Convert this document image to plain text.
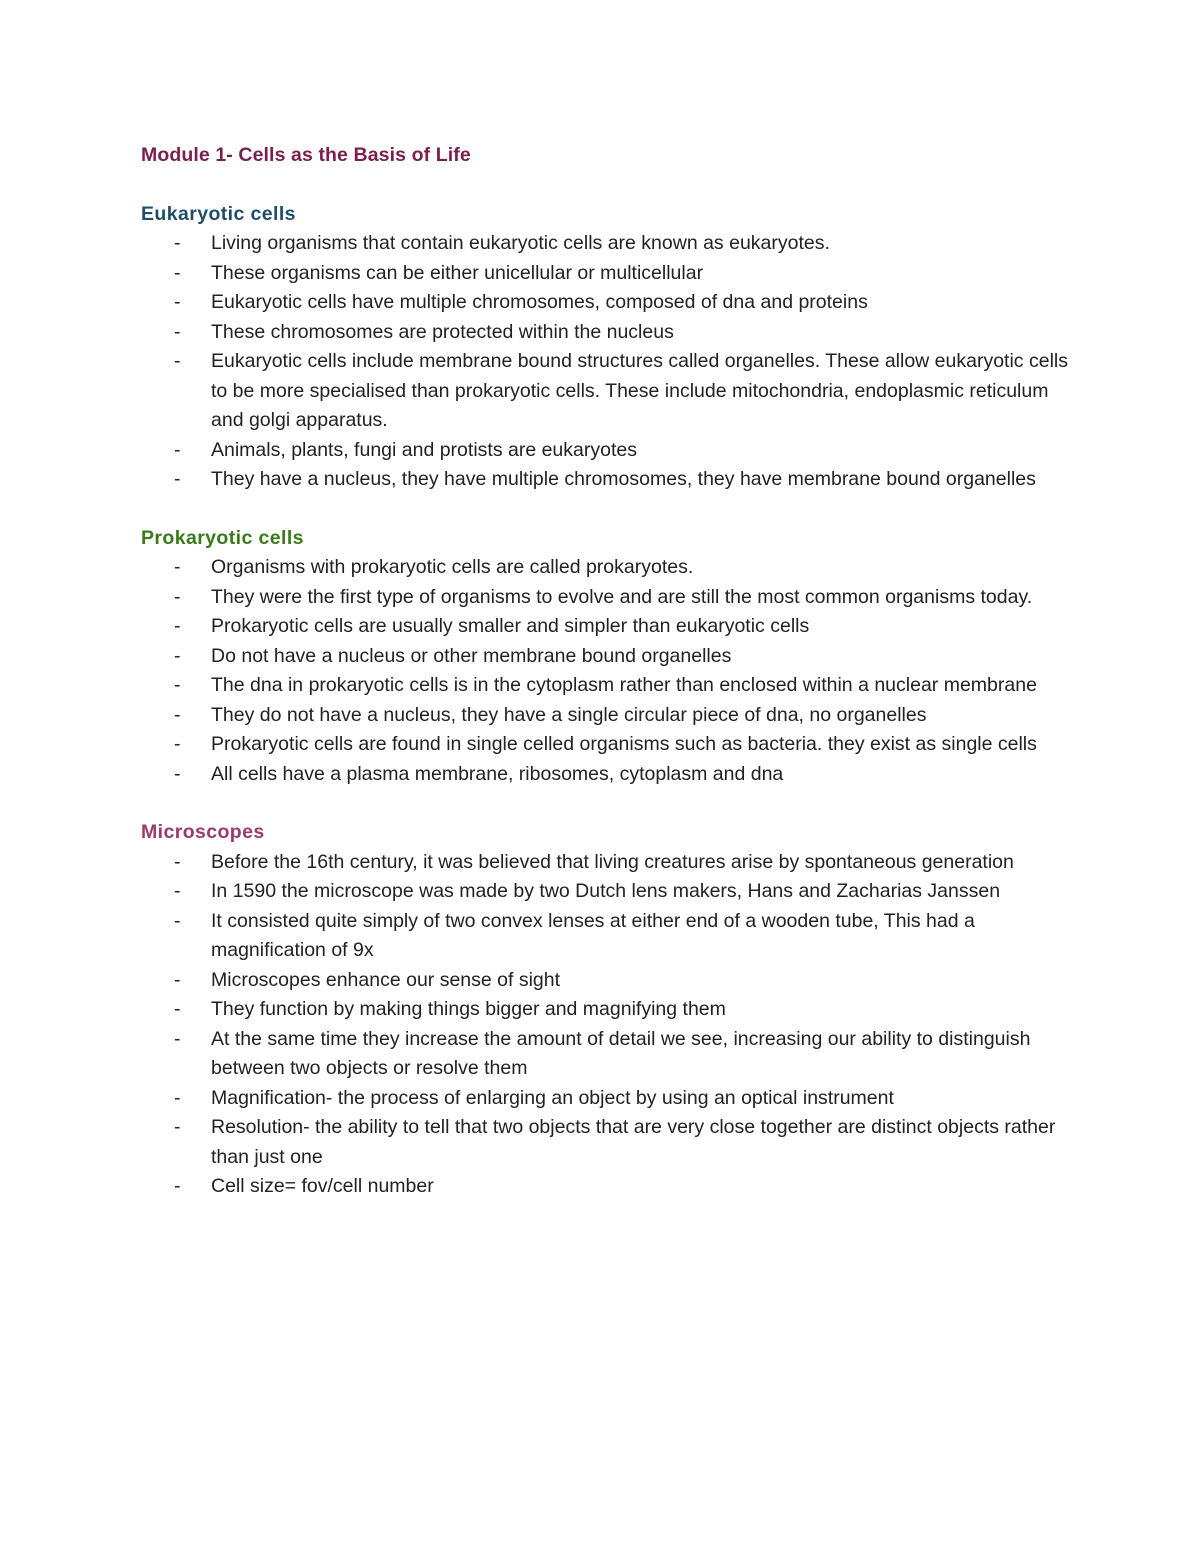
Module 1- Cells as the Basis of Life
Eukaryotic cells
- Living organisms that contain eukaryotic cells are known as eukaryotes.
- These organisms can be either unicellular or multicellular
- Eukaryotic cells have multiple chromosomes, composed of dna and proteins
- These chromosomes are protected within the nucleus
- Eukaryotic cells include membrane bound structures called organelles. These allow eukaryotic cells to be more specialised than prokaryotic cells. These include mitochondria, endoplasmic reticulum and golgi apparatus.
- Animals, plants, fungi and protists are eukaryotes
- They have a nucleus, they have multiple chromosomes, they have membrane bound organelles
Prokaryotic cells
- Organisms with prokaryotic cells are called prokaryotes.
- They were the first type of organisms to evolve and are still the most common organisms today.
- Prokaryotic cells are usually smaller and simpler than eukaryotic cells
- Do not have a nucleus or other membrane bound organelles
- The dna in prokaryotic cells is in the cytoplasm rather than enclosed within a nuclear membrane
- They do not have a nucleus, they have a single circular piece of dna, no organelles
- Prokaryotic cells are found in single celled organisms such as bacteria. they exist as single cells
- All cells have a plasma membrane, ribosomes, cytoplasm and dna
Microscopes
- Before the 16th century, it was believed that living creatures arise by spontaneous generation
- In 1590 the microscope was made by two Dutch lens makers, Hans and Zacharias Janssen
- It consisted quite simply of two convex lenses at either end of a wooden tube, This had a magnification of 9x
- Microscopes enhance our sense of sight
- They function by making things bigger and magnifying them
- At the same time they increase the amount of detail we see, increasing our ability to distinguish between two objects or resolve them
- Magnification- the process of enlarging an object by using an optical instrument
- Resolution- the ability to tell that two objects that are very close together are distinct objects rather than just one
- Cell size= fov/cell number
